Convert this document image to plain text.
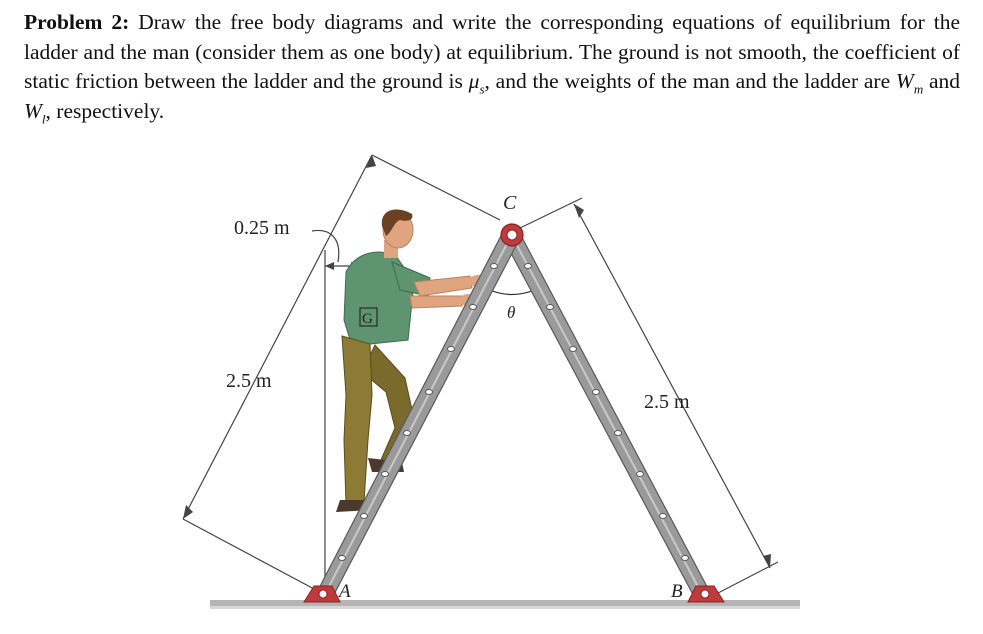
Problem 2: Draw the free body diagrams and write the corresponding equations of equilibrium for the ladder and the man (consider them as one body) at equilibrium. The ground is not smooth, the coefficient of static friction between the ladder and the ground is $\mu_s$, and the weights of the man and the ladder are $W_m$ and $W_l$, respectively.
G
0.25 m
2.5 m
2.5 m
C
θ
A	B
